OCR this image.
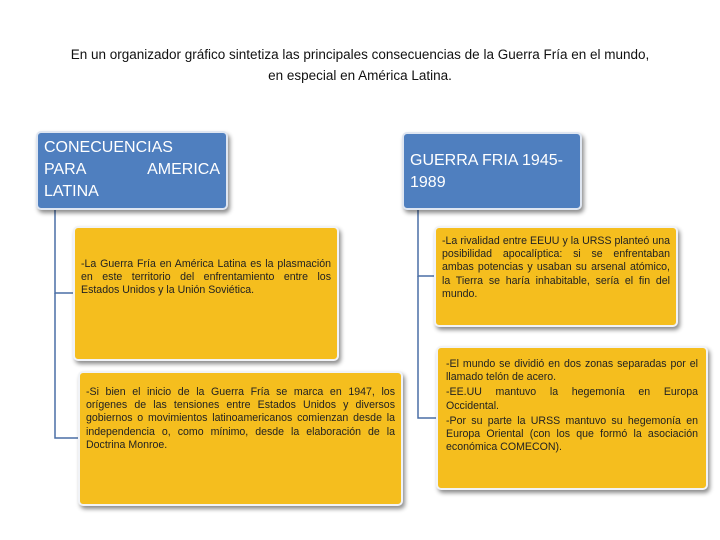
En un organizador gráfico sintetiza las principales consecuencias de la Guerra Fría en el mundo,
en especial en América Latina.
CONECUENCIAS
PARA AMERICA
LATINA
GUERRA FRIA 1945-1989

-La Guerra Fría en América Latina es la plasmación en este territorio del enfrentamiento entre los Estados Unidos y la Unión Soviética.

-Si bien el inicio de la Guerra Fría se marca en 1947, los orígenes de las tensiones entre Estados Unidos y diversos gobiernos o movimientos latinoamericanos comienzan desde la independencia o, como mínimo, desde la elaboración de la Doctrina Monroe.

-La rivalidad entre EEUU y la URSS planteó una posibilidad apocalíptica: si se enfrentaban ambas potencias y usaban su arsenal atómico, la Tierra se haría inhabitable, sería el fin del mundo.

-El mundo se dividió en dos zonas separadas por el llamado telón de acero.

-EE.UU mantuvo la hegemonía en Europa Occidental.

-Por su parte la URSS mantuvo su hegemonía en Europa Oriental (con los que formó la asociación económica COMECON).
